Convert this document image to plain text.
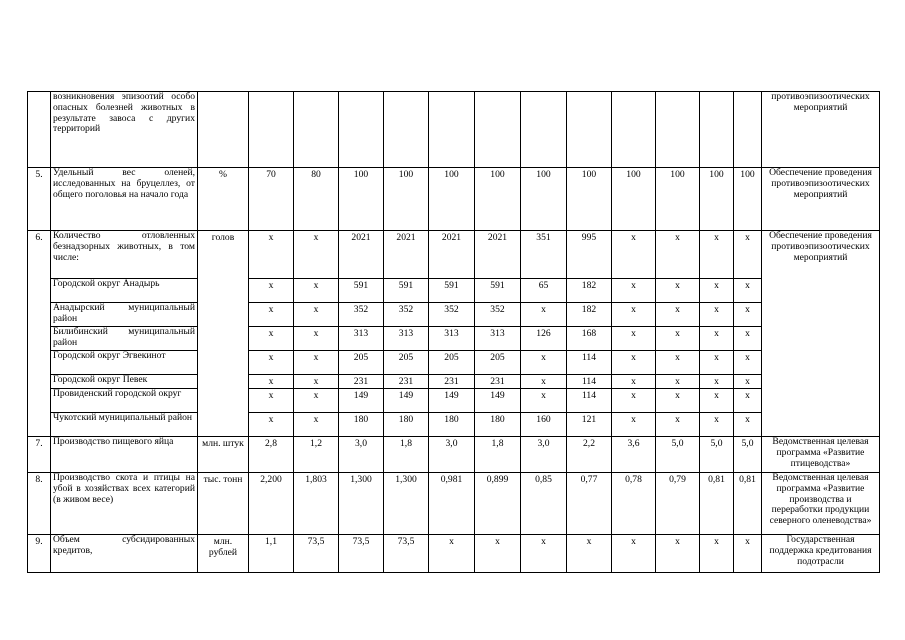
	возникновения эпизоотий особо опасных болезней животных в результате завоса с других территорий														противоэпизоотических мероприятий
5.	Удельный вес оленей, исследованных на бруцеллез, от общего поголовья на начало года	%	70	80	100	100	100	100	100	100	100	100	100	100	Обеспечение проведения противоэпизоотических мероприятий
6.	Количество отловленных безнадзорных животных, в том числе:	голов	x	x	2021	2021	2021	2021	351	995	x	x	x	x	Обеспечение проведения противоэпизоотических мероприятий
	Городской округ Анадырь		x	x	591	591	591	591	65	182	x	x	x	x	
	Анадырский муниципальный район		x	x	352	352	352	352	x	182	x	x	x	x	
	Билибинский муниципальный район		x	x	313	313	313	313	126	168	x	x	x	x	
	Городской округ Эгвекинот		x	x	205	205	205	205	x	114	x	x	x	x	
	Городской округ Певек		x	x	231	231	231	231	x	114	x	x	x	x	
	Провиденский городской округ		x	x	149	149	149	149	x	114	x	x	x	x	
	Чукотский муниципальный район		x	x	180	180	180	180	160	121	x	x	x	x	
7.	Производство пищевого яйца	млн. штук	2,8	1,2	3,0	1,8	3,0	1,8	3,0	2,2	3,6	5,0	5,0	5,0	Ведомственная целевая программа «Развитие птицеводства»
8.	Производство скота и птицы на убой в хозяйствах всех категорий (в живом весе)	тыс. тонн	2,200	1,803	1,300	1,300	0,981	0,899	0,85	0,77	0,78	0,79	0,81	0,81	Ведомственная целевая программа «Развитие производства и переработки продукции северного оленеводства»
9.	Объем субсидированных кредитов,	млн. рублей	1,1	73,5	73,5	73,5	x	x	x	x	x	x	x	x	Государственная поддержка кредитования подотрасли
